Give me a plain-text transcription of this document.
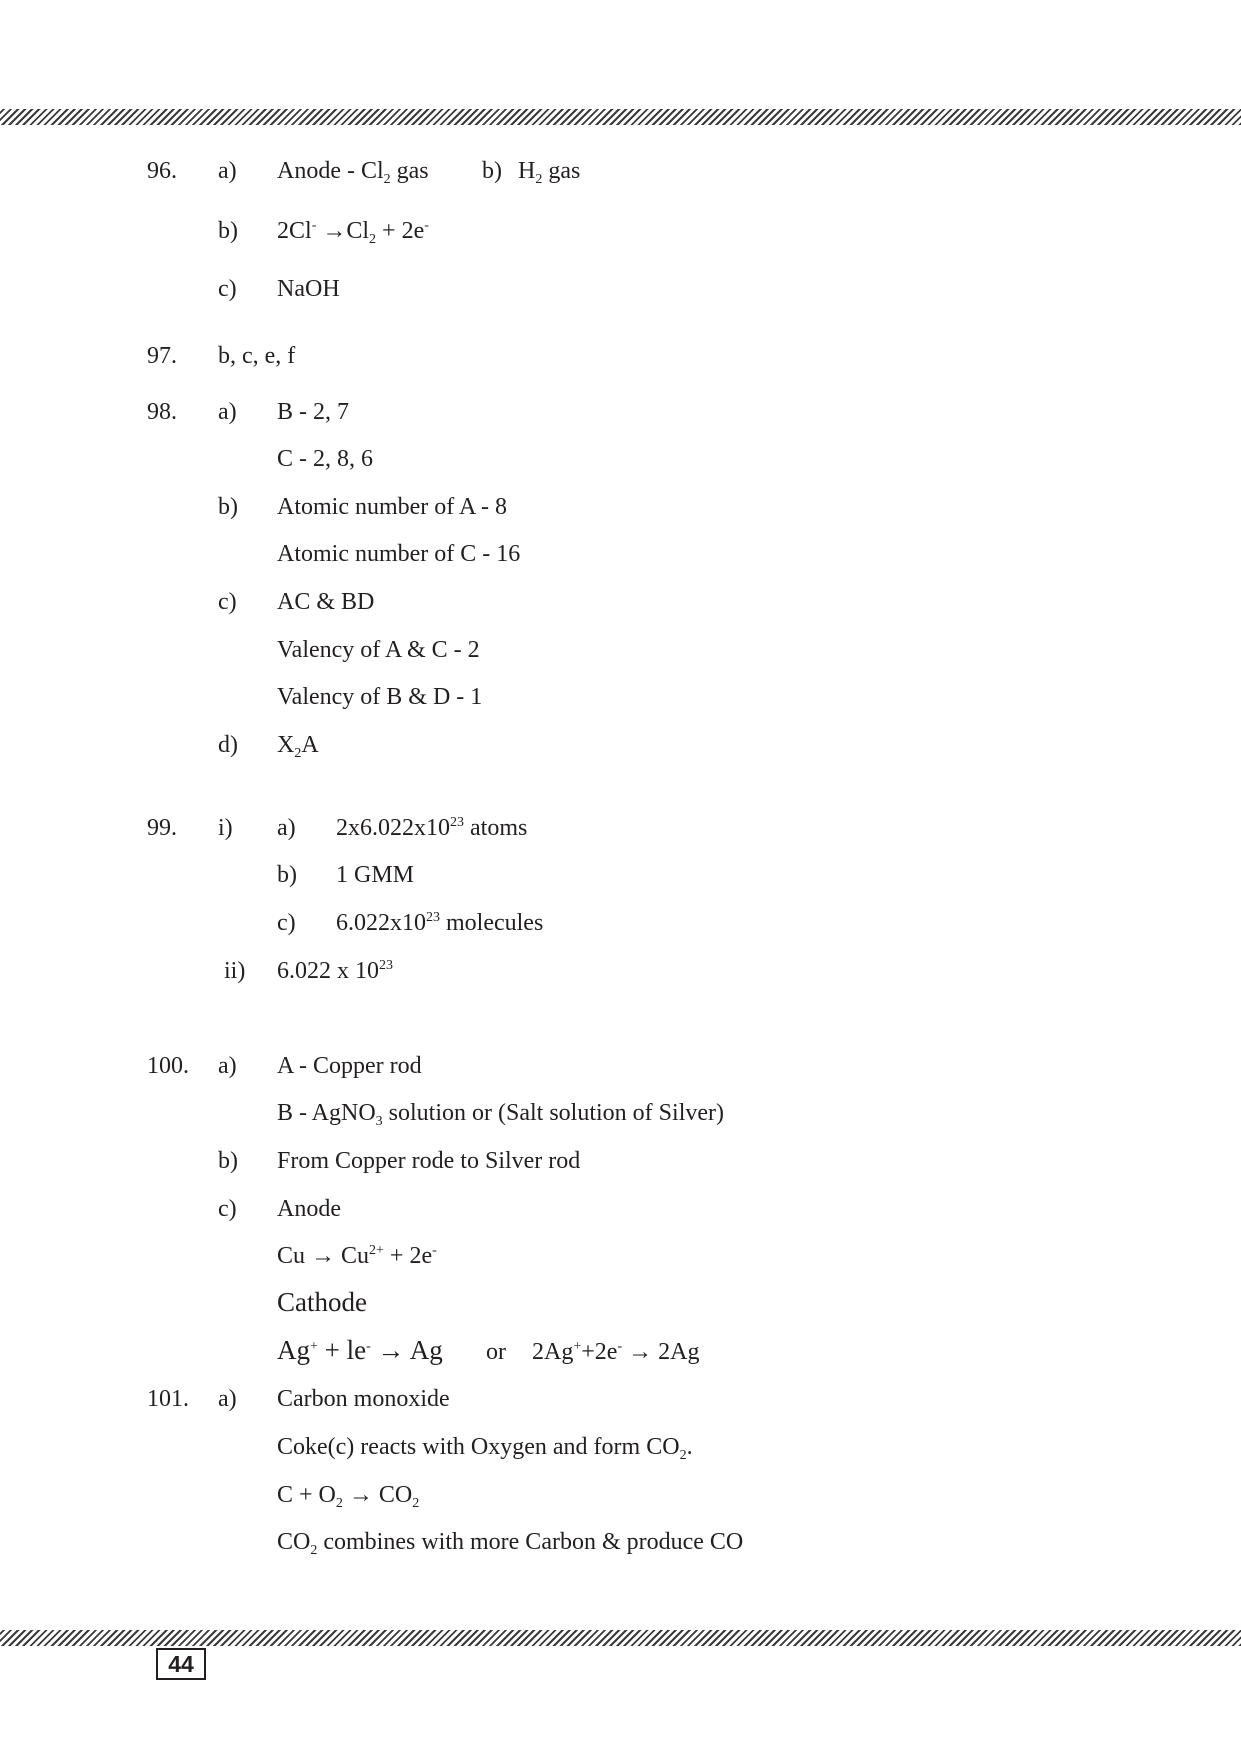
96. a) Anode - $Cl_2$ gas b) $H_2$ gas
b) $2Cl^- \to Cl_2 + 2e^-$
c) NaOH
97. b, c, e, f
98. a) B - 2, 7
C - 2, 8, 6
b) Atomic number of A - 8
Atomic number of C - 16
c) AC & BD
Valency of A & C - 2
Valency of B & D - 1
d) $X_2A$
99. i) a) $2x6.022x10^{23}$ atoms
b) 1 GMM
c) $6.022x10^{23}$ molecules
ii) 6.022 x $10^{23}$
100. a) A - Copper rod
B - AgNO$_3$ solution or (Salt solution of Silver)
b) From Copper rode to Silver rod
c) Anode
$Cu \to Cu^{2+} + 2e^-$
Cathode
Ag+ + le- → Ag or 2Ag++2e- → 2Ag
101. a) Carbon monoxide
Coke(c) reacts with Oxygen and form $CO_2$.
$C + O_2 \to CO_2$
$CO_2$ combines with more Carbon & produce CO
44
